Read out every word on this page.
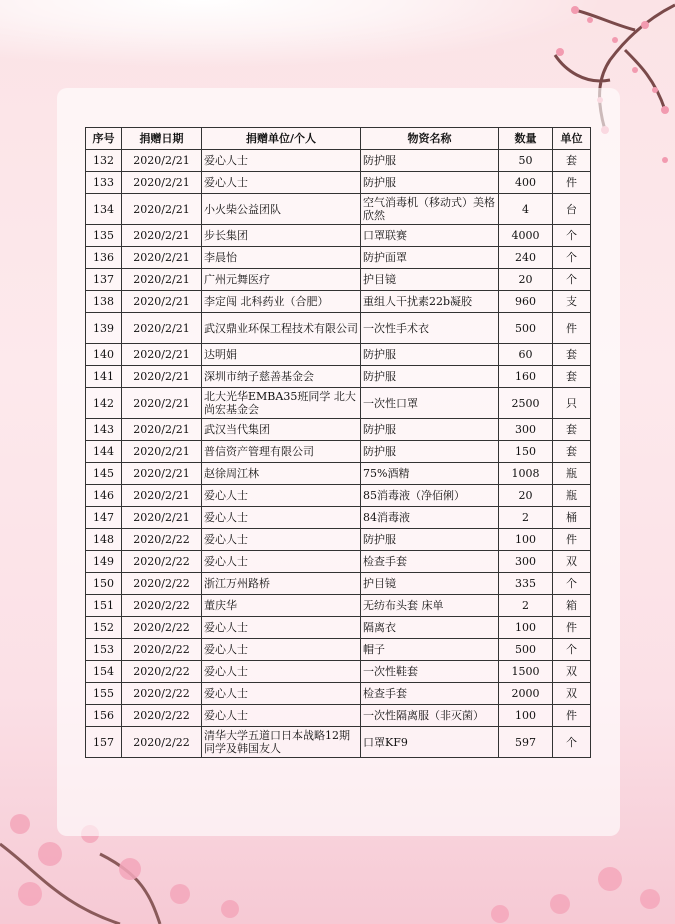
序号	捐赠日期	捐赠单位/个人	物资名称	数量	单位
132	2020/2/21	爱心人士	防护服	50	套
133	2020/2/21	爱心人士	防护服	400	件
134	2020/2/21	小火柴公益团队	空气消毒机（移动式）美格欣然	4	台
135	2020/2/21	步长集团	口罩联赛	4000	个
136	2020/2/21	李晨怡	防护面罩	240	个
137	2020/2/21	广州元舞医疗	护目镜	20	个
138	2020/2/21	李定闯 北科药业（合肥）	重组人干扰素22b凝胶	960	支
139	2020/2/21	武汉鼎业环保工程技术有限公司	一次性手术衣	500	件
140	2020/2/21	达明娟	防护服	60	套
141	2020/2/21	深圳市纳子慈善基金会	防护服	160	套
142	2020/2/21	北大光华EMBA35班同学 北大尚宏基金会	一次性口罩	2500	只
143	2020/2/21	武汉当代集团	防护服	300	套
144	2020/2/21	普信资产管理有限公司	防护服	150	套
145	2020/2/21	赵徐周江林	75%酒精	1008	瓶
146	2020/2/21	爱心人士	85消毒液（净佰俐）	20	瓶
147	2020/2/21	爱心人士	84消毒液	2	桶
148	2020/2/22	爱心人士	防护服	100	件
149	2020/2/22	爱心人士	检查手套	300	双
150	2020/2/22	浙江万州路桥	护目镜	335	个
151	2020/2/22	董庆华	无纺布头套 床单	2	箱
152	2020/2/22	爱心人士	隔离衣	100	件
153	2020/2/22	爱心人士	帽子	500	个
154	2020/2/22	爱心人士	一次性鞋套	1500	双
155	2020/2/22	爱心人士	检查手套	2000	双
156	2020/2/22	爱心人士	一次性隔离服（非灭菌）	100	件
157	2020/2/22	清华大学五道口日本战略12期同学及韩国友人	口罩KF9	597	个
